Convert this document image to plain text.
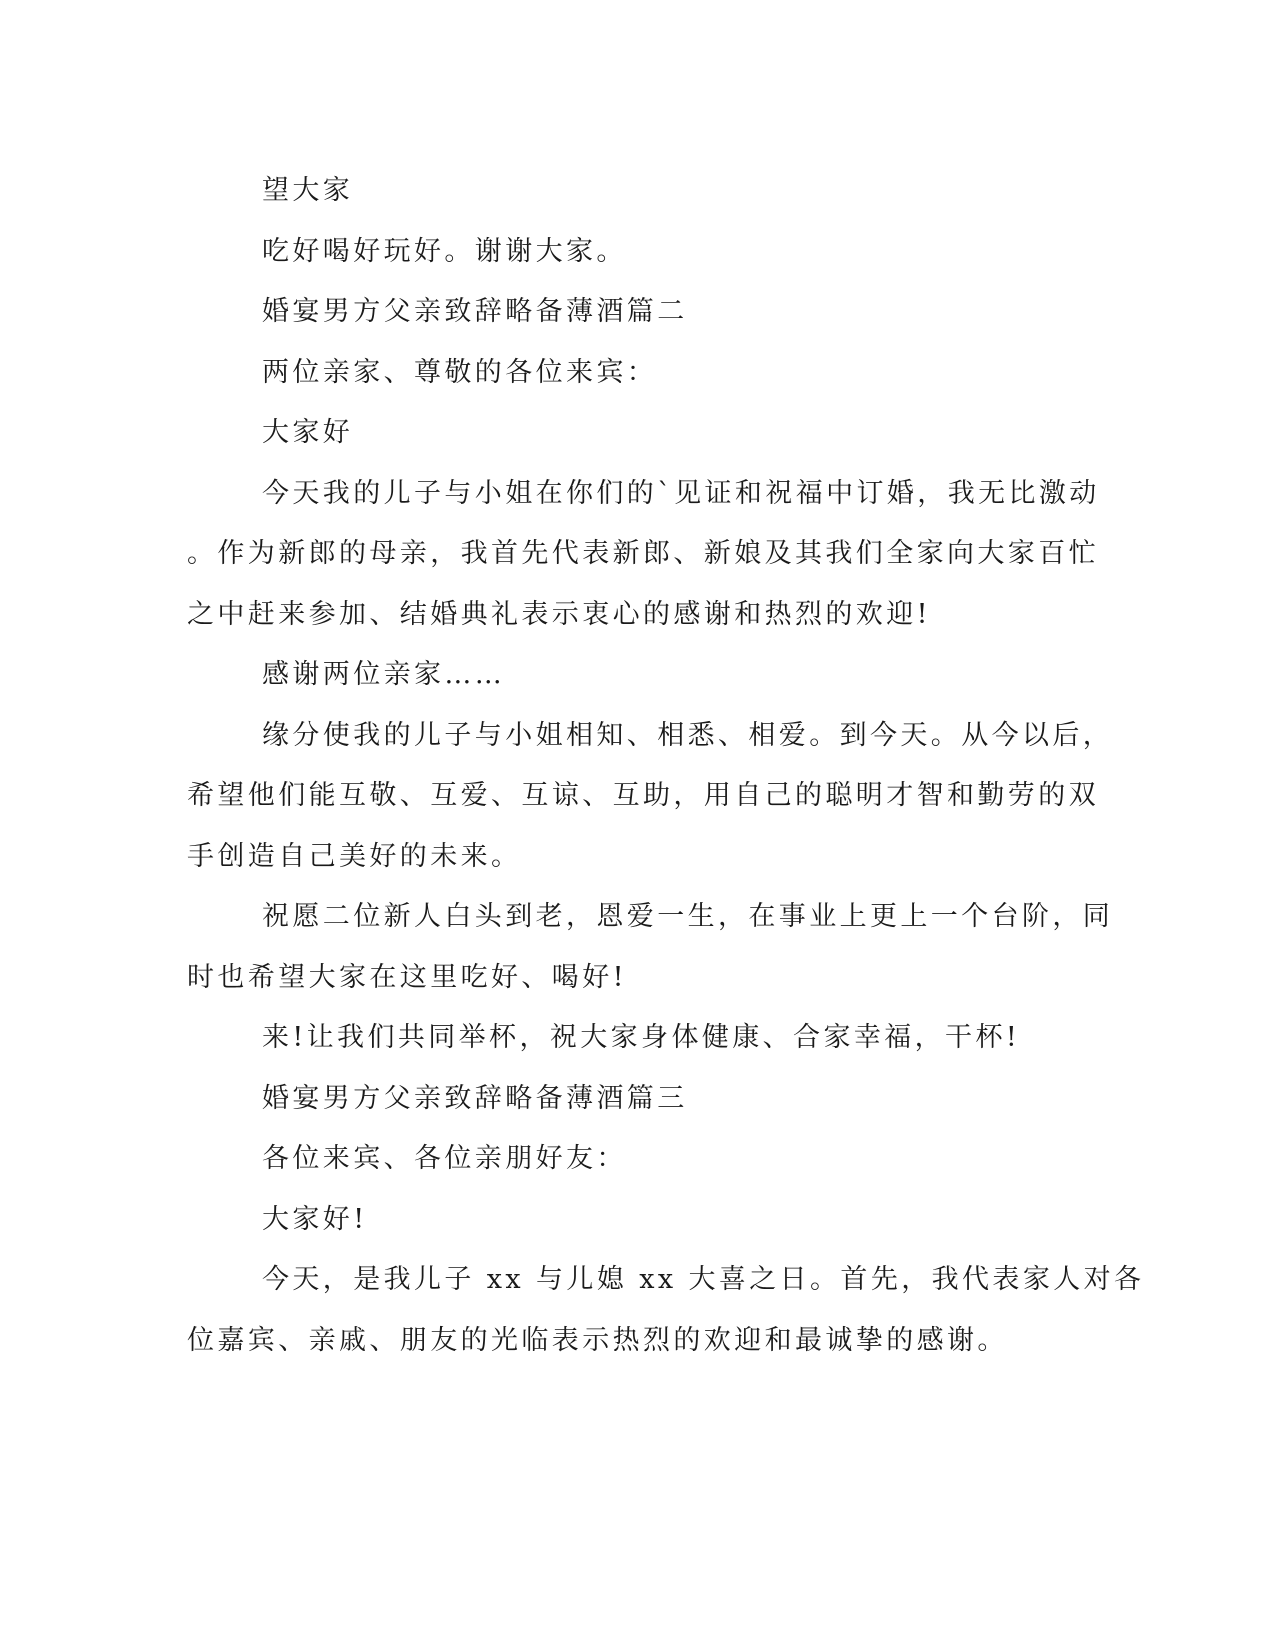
望大家

吃好喝好玩好。谢谢大家。

婚宴男方父亲致辞略备薄酒篇二

两位亲家、尊敬的各位来宾：

大家好

今天我的儿子与小姐在你们的`见证和祝福中订婚，我无比激动
。作为新郎的母亲，我首先代表新郎、新娘及其我们全家向大家百忙
之中赶来参加、结婚典礼表示衷心的感谢和热烈的欢迎!

感谢两位亲家……

缘分使我的儿子与小姐相知、相悉、相爱。到今天。从今以后，
希望他们能互敬、互爱、互谅、互助，用自己的聪明才智和勤劳的双
手创造自己美好的未来。

祝愿二位新人白头到老，恩爱一生，在事业上更上一个台阶，同
时也希望大家在这里吃好、喝好!

来!让我们共同举杯，祝大家身体健康、合家幸福，干杯!

婚宴男方父亲致辞略备薄酒篇三

各位来宾、各位亲朋好友：

大家好!

今天，是我儿子 xx 与儿媳 xx 大喜之日。首先，我代表家人对各
位嘉宾、亲戚、朋友的光临表示热烈的欢迎和最诚挚的感谢。
